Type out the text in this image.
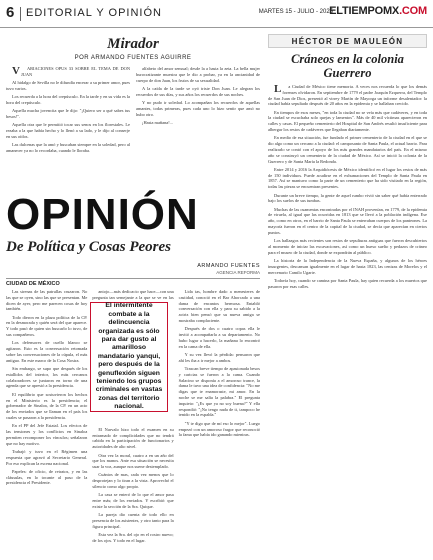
6 EDITORIAL Y OPINIÓN	MARTES 15 - JULIO - 2025
ELTIEMPOMX.COM
Mirador
POR ARMANDO FUENTES AGUIRRE

VARIACIONES OPUS 33 SOBRE EL TEMA DE DON JUAN

Al hidalgo de Sevilla no le difundía encerar a su primer amor, pues tuvo varios.

Los recuerda a la hora del crepúsculo. En la tarde y en su vida es la hora del crepúsculo.

Aquella mucha jovencita que le dijo: "¡Quiero ser a qué sabes tus besos!".

Aquella otra que le permitió tocar sus senos en los florestales. Le rezaba a la que había hecho y lo llenó a su lado, y le dijo al conserje en sus oídos.

Las dulcenas que la amó y buscaban siempre en la soledad, pero al amanecer ya no lo recordaba, cuando le lloraba.

alfabeto del amor sensual; desde la a hasta la zeta. La bella mujer burocratizante muestra que le dio a probar, ya en la ancianidad de cuerpo de don Juan, los frutos de su sexualidad.

A la caída de la tarde se oyó triste Don Juan. Le alegran los recuerdos de sus días, y sus años los recuerdos de sus noches.

Y no pudo ir soledad. Lo acompañan los recuerdos de aquellas amantes, todas primeras, pues cada uno lo hizo sentir que amó no hubo otro.

¡Hasta mañana!...

OPINIÓN
De Política y Cosas Peores
ARMANDO FUENTES
AGENCIA REFORMA
CIUDAD DE MÉXICO

Las sirenas de las patrullas cruzaron. No las que se oyen, sino las que se presentan. Me dicen de ayer, pero me parecen cosas de hoy también.

Todo dieron en la plaza política de la CP. en la desmorada y quién será del que aparece. Y todo pasó de quien sin buscarlo lo tuvo, de sus compañeros.

Los defensores de cuello blanco se agitaron. Esto es la conversación retomada sobre las conversaciones de la cúpula, el más antiguo. En este marco de la Cosa Nostra.

Sin embargo, se supo que después de los estallidos del interior, los más cercanos colaboradores se juntaron en torno de una agenda que se aprestó a la presidencia.

El equilibrio que sostuvieron los hechos en el Ministerio es la presidencia; el gobernador de Sinaloa, de la CP. en un acto de los enviados que se llaman en el país los cuales se pasaron a la presidencia.

En el PP del Jefe Estatal. Los efectos de las tensiones y los conflictos en Sinaloa permiten recomponer los vínculos; señalaron que no hay motivo.

Trabajó y tuvo en el Régimen una respuesta que agravó al Secretario General. Por eso explican la escena nacional.

Papeles: de oficio, de retratos, y en las cláusulas, en lo tocante al paso de la presidencia el Presidente.

antojo—más dedicacio que hace—con una pregunta tan semejante a la que se ve en las

El Narvalo hizo todo el examen en su entramado de complicidades que no tendrá cabida en la participación de funcionarios y autoridades de alto nivel.

Otra vez la moral, cuatro a en un año del que los manos. Ante esa situación se necesita usar la voz, aunque nos suene destemplado.

Cuántos de mas, cada vez menos que lo desprotejan y lo tiran a la vista. Aprovechó el silencio como algo propio.

La casa se enteró de lo que el amor pasa entre más; de los enviados. Y escribió: que existe la sección de la Sra. Quique.

La pareja dio cuenta de todo ello en presencia de los asistentes, y otro tanto para la figura principal.

Esta vez la Sra. del ojo en el rostro nuevo; de los ojos. Y todo en el lugar.

Lida tas, hombre dado a menesteres de castidad, conoció en el Bar Ahorcado a una dama de encantos hermosa. Entabló conversación con ella y para su sabido a la actriz bien pensó que su nueva amiga se mostraba complaciente.

Después de dos o cuatro copas ella le invitó a acompañarla a su departamento. No hubo lugar a hacerlo, la mañana lo encontró en la cama de ella.

Y su vez llevó la pérdida: pensaron que ahí les iba a ir mejor a ambos.

Trascan breve tiempo de apasionada besos y caricias se fueron a la cama. Cuando Salacino se disponía a el amoroso trance, la dama le tuvo una idea de confidencia: "No me digas que te enamoraste, mi amor. En la noche se me salía la palabra." El pregunta inquieto: "¿Es que ya no soy buena?" Y ella respondió: "¡No tengo nada de ti, tampoco he tenido en la espalda."

"Y te digo que de mí eso lo mejor". Luego empezó con un amoroso fragor que reconoció la fama que había ido ganando mientras.

El intermitente combate a la delincuencia organizada es sólo para dar gusto al amarilloso mandatario yanqui, pero después de la genuflexión siguen teniendo los grupos criminales en vastas zonas del territorio nacional.
HÉCTOR DE MAULEÓN
Cráneos en la colonia Guerrero

La Ciudad de México tiene memoria. A veces nos recuerda lo que los demás forenses olvidaron. En septiembre de 1779 el padre Joaquín Ezquerra, del Templo de San Juan de Dios, presentó al virrey Martín de Mayorga un informe desalentador: la ciudad había sepultado después de 20 años en la epidemia y se hallaban crecido.

En tiempos de esos meses, "en toda la ciudad no se veía más que cadáveres, y en toda la ciudad se escuchaba solo quejas y lamentos". Más de 40 mil víctimas aparecieron en calles y casas. El pequeño cementerio del Hospital de San Andrés resultó insuficiente para albergar los restos de cadáveres que llegaban diariamente.

En medio de esa situación, fue fundado el primer cementerio de la ciudad en el que se dio algo como un cercano a la ciudad: el camposanto de Santa Paula, el actual barrio. Para realizarlo se contó con el apoyo de los más grandes mandatarios del país. En el mismo año se construyó un cementerio de la ciudad de México. Así se inició la colonia de la Guerrero y de Santa María la Redonda.

Entre 2014 y 2016 la Arquidiócesis de México identificó en el lugar los restos de más de 150 individuos. Puede acudirse en el exhumaciones del Templo de Santa Paula en 1857. Así se mantuvo como la parte de un cementerio que ha sido visitado en la región, todas las piezas se encuentran presentes.

Durante un breve tiempo, la gente de aquel rumbo vivió sin saber qué había enterrado bajo los suelos de sus tumbas.

Muchas de las osamentas encontradas por el INAH provenían, en 1779, de la epidemia de viruela, al igual que las ocurridas en 1813 que se llevó a la población indígena. Ese año, como en otros, en el barrio de Santa Paula se enterraban cuerpos de los panteones. La mayoría fueron en el centro de la capital de la ciudad, se decía que aparecían en ciertos puntos.

Los hallazgos más recientes son restos de sepulturas antiguas que fueron descubiertos al momento de iniciar las excavaciones, así como un hueso suelto y pedazos de cráneo para el museo de la ciudad, donde se expondrán al público.

La historia de la Independencia de la Nueva España, y algunos de los héroes insurgentes, descansan igualmente en el lugar de hasta 1823, las cenizas de Morelos y el mercenario Camilo Ugarte.

Todavía hoy, cuando se camina por Santa Paula, hay quien recuerda a los muertos que pasaron por esas calles.
